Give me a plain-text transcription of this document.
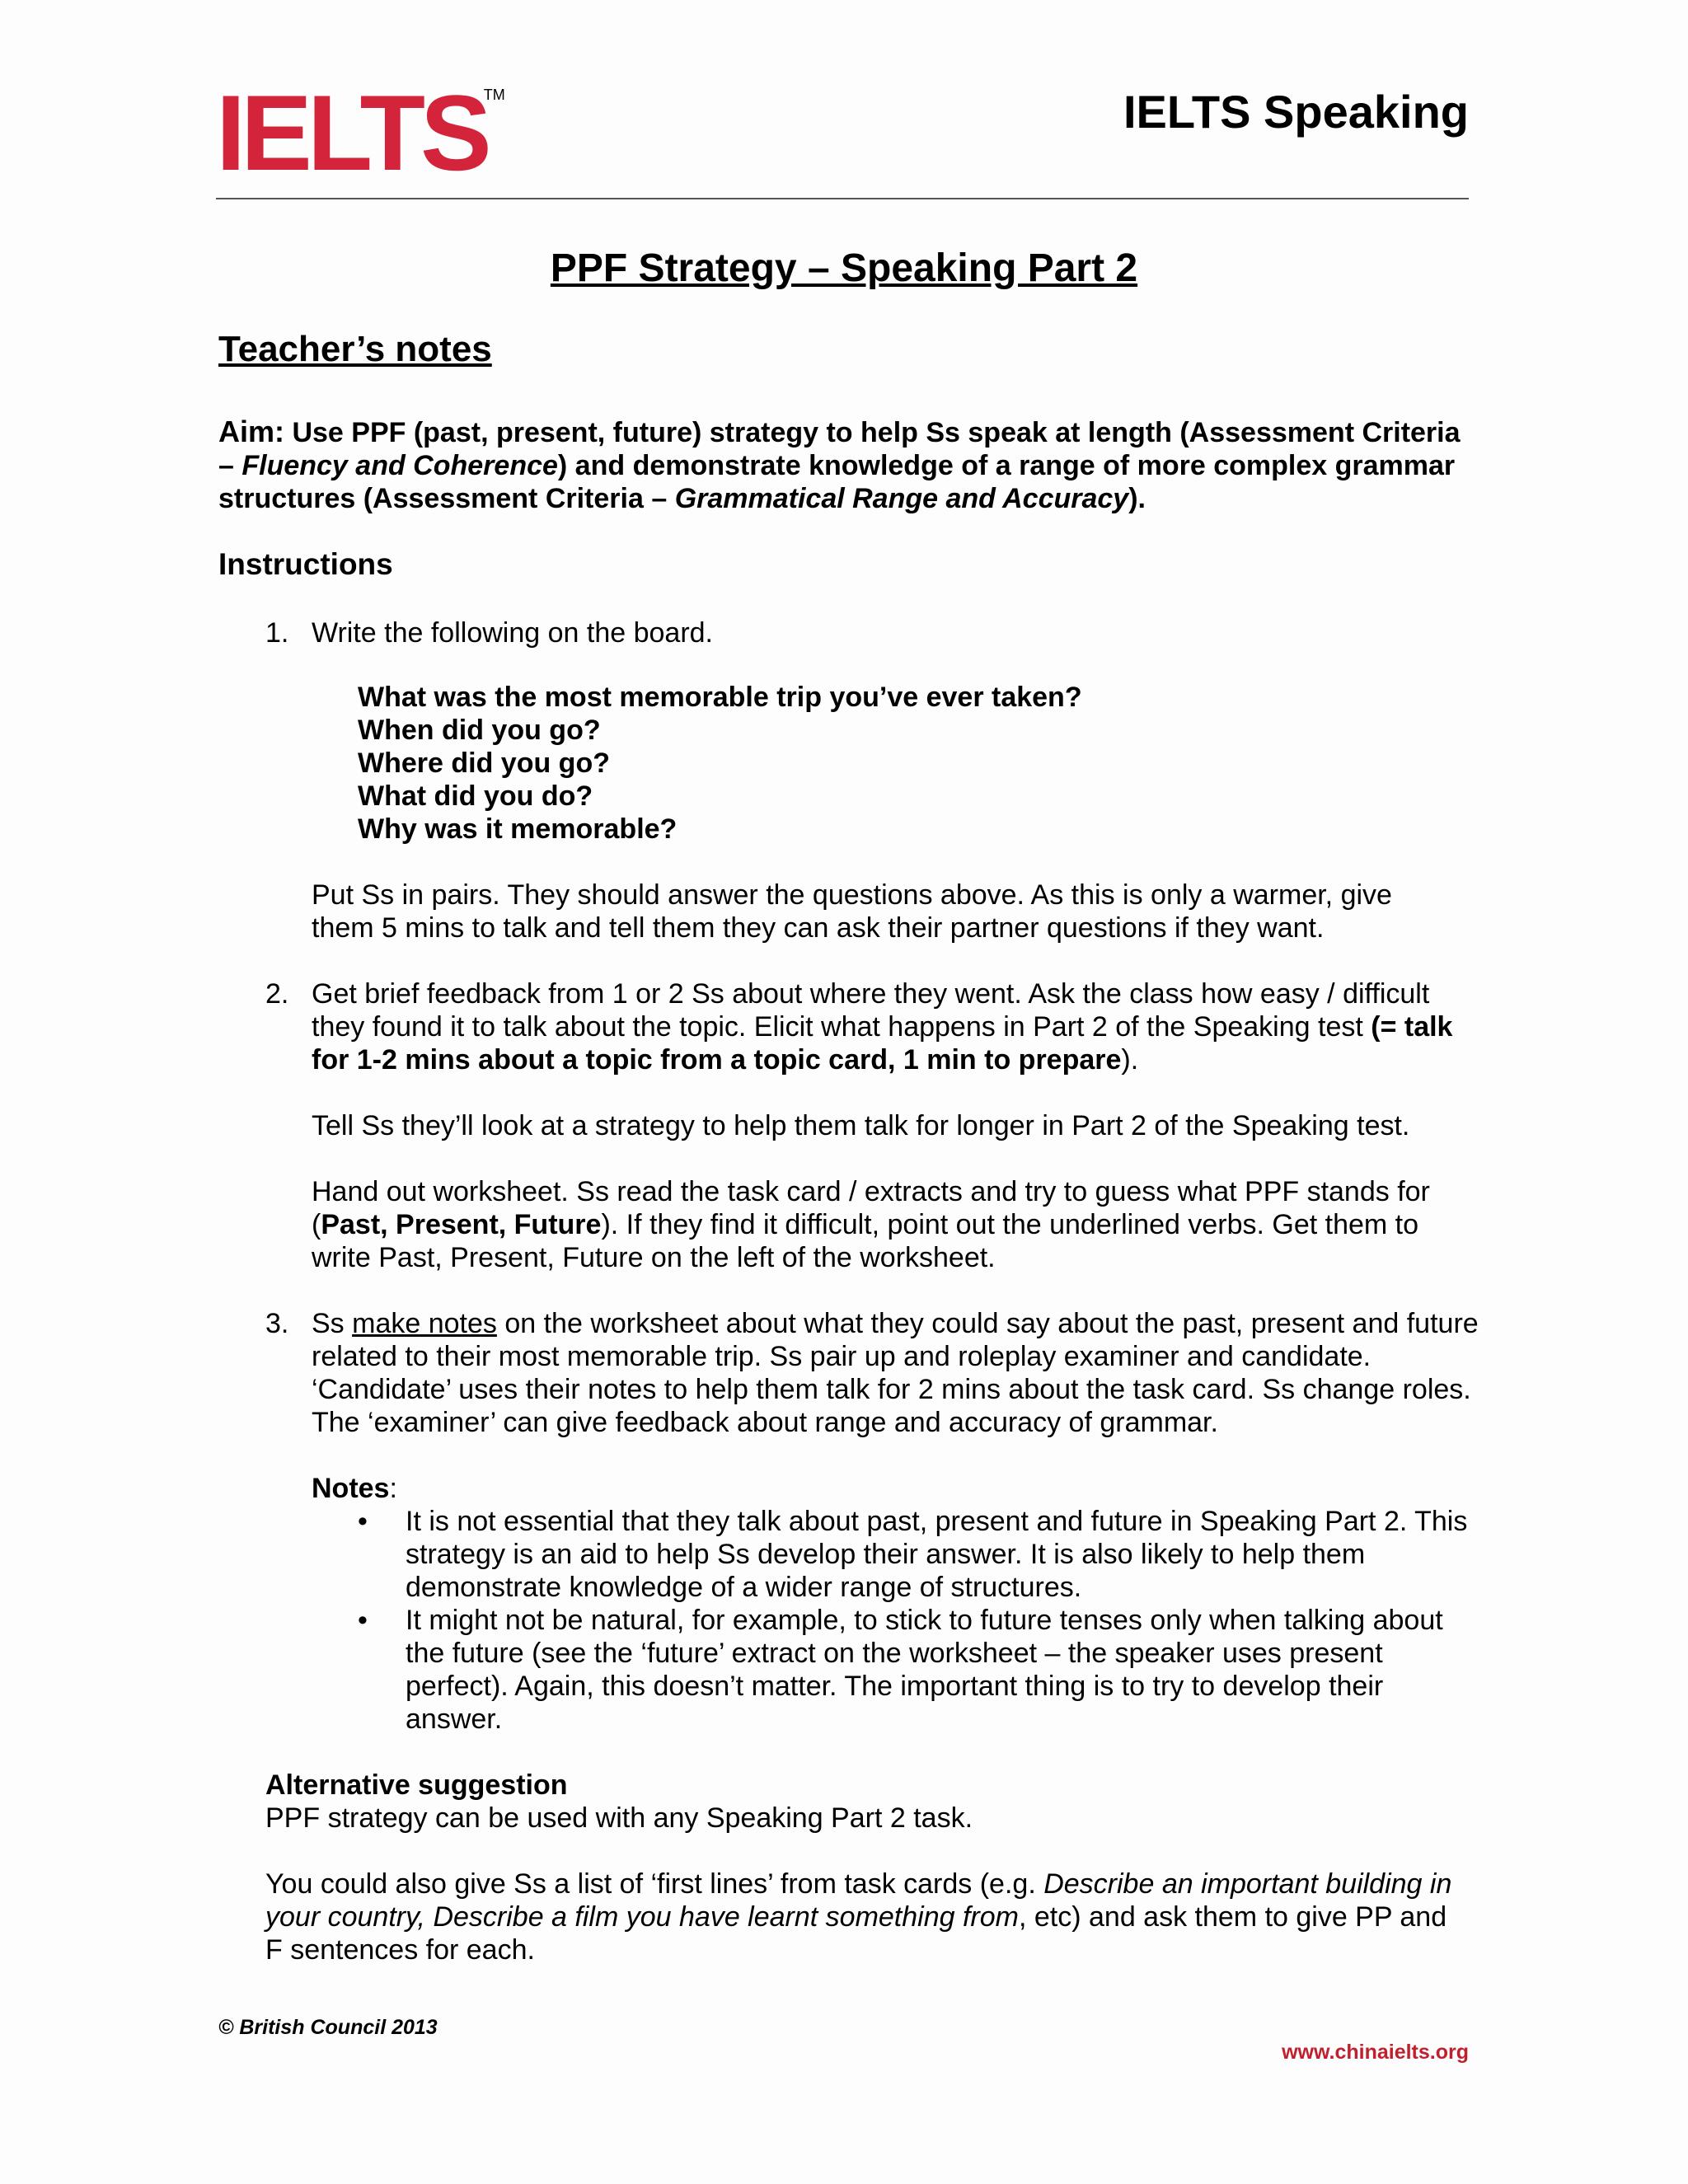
IELTS
TM	IELTS Speaking
PPF Strategy – Speaking Part 2
Teacher’s notes
Aim: Use PPF (past, present, future) strategy to help Ss speak at length (Assessment Criteria – Fluency and Coherence) and demonstrate knowledge of a range of more complex grammar structures (Assessment Criteria – Grammatical Range and Accuracy).
Instructions
1. Write the following on the board.
What was the most memorable trip you’ve ever taken?
When did you go?
Where did you go?
What did you do?
Why was it memorable?
Put Ss in pairs. They should answer the questions above. As this is only a warmer, give them 5 mins to talk and tell them they can ask their partner questions if they want.
2. Get brief feedback from 1 or 2 Ss about where they went. Ask the class how easy / difficult they found it to talk about the topic. Elicit what happens in Part 2 of the Speaking test (= talk for 1-2 mins about a topic from a topic card, 1 min to prepare).
Tell Ss they’ll look at a strategy to help them talk for longer in Part 2 of the Speaking test.
Hand out worksheet. Ss read the task card / extracts and try to guess what PPF stands for (Past, Present, Future). If they find it difficult, point out the underlined verbs. Get them to write Past, Present, Future on the left of the worksheet.
3. Ss make notes on the worksheet about what they could say about the past, present and future related to their most memorable trip. Ss pair up and roleplay examiner and candidate. ‘Candidate’ uses their notes to help them talk for 2 mins about the task card. Ss change roles. The ‘examiner’ can give feedback about range and accuracy of grammar.
Notes:
• It is not essential that they talk about past, present and future in Speaking Part 2. This strategy is an aid to help Ss develop their answer. It is also likely to help them demonstrate knowledge of a wider range of structures.
• It might not be natural, for example, to stick to future tenses only when talking about the future (see the ‘future’ extract on the worksheet – the speaker uses present perfect). Again, this doesn’t matter. The important thing is to try to develop their answer.
Alternative suggestion
PPF strategy can be used with any Speaking Part 2 task.
You could also give Ss a list of ‘first lines’ from task cards (e.g. Describe an important building in your country, Describe a film you have learnt something from, etc) and ask them to give PP and F sentences for each.
© British Council 2013
www.chinaielts.org
